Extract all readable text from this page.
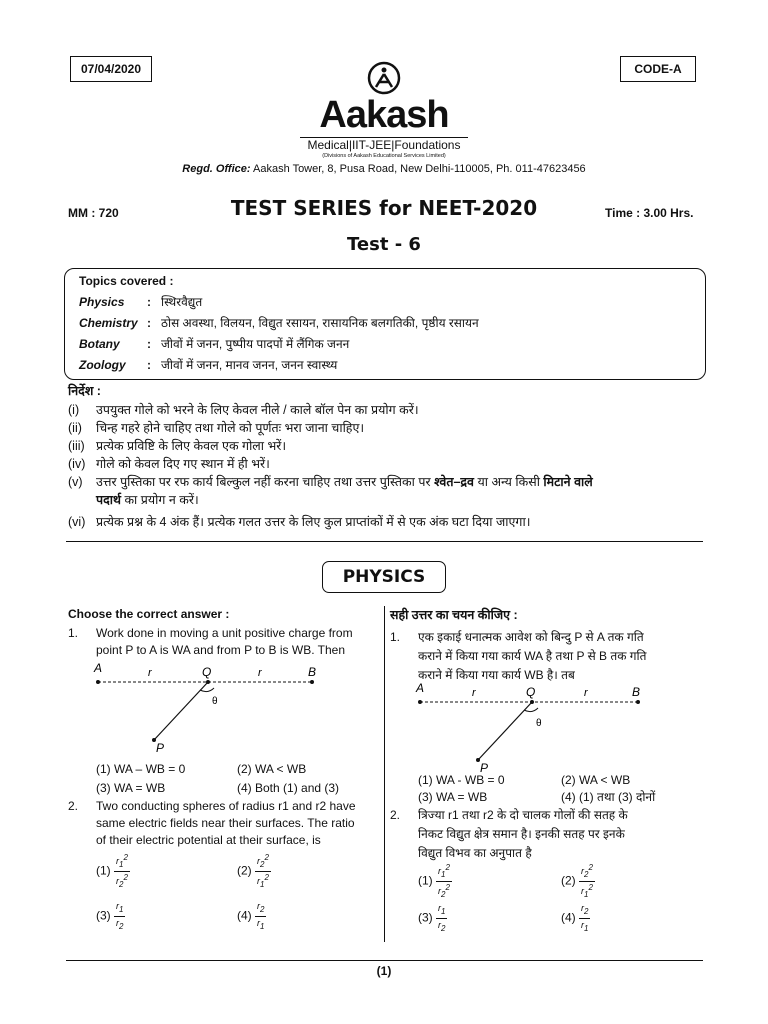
07/04/2020	CODE-A
Aakash
Medical|IIT-JEE|Foundations
(Divisions of Aakash Educational Services Limited)
Regd. Office: Aakash Tower, 8, Pusa Road, New Delhi-110005, Ph. 011-47623456
MM : 720	TEST SERIES for NEET-2020	Time : 3.00 Hrs.
Test - 6
Topics covered :
Physics	:	स्थिरवैद्युत
Chemistry	:	ठोस अवस्था, विलयन, विद्युत रसायन, रासायनिक बलगतिकी, पृष्ठीय रसायन
Botany	:	जीवों में जनन, पुष्पीय पादपों में लैंगिक जनन
Zoology	:	जीवों में जनन, मानव जनन, जनन स्वास्थ्य
निर्देश :
(i) उपयुक्त गोले को भरने के लिए केवल नीले / काले बॉल पेन का प्रयोग करें।
(ii) चिन्ह गहरे होने चाहिए तथा गोले को पूर्णतः भरा जाना चाहिए।
(iii) प्रत्येक प्रविष्टि के लिए केवल एक गोला भरें।
(iv) गोले को केवल दिए गए स्थान में ही भरें।
(v) उत्तर पुस्तिका पर रफ कार्य बिल्कुल नहीं करना चाहिए तथा उत्तर पुस्तिका पर श्वेत–द्रव या अन्य किसी मिटाने वाले
पदार्थ का प्रयोग न करें।
(vi) प्रत्येक प्रश्न के 4 अंक हैं। प्रत्येक गलत उत्तर के लिए कुल प्राप्तांकों में से एक अंक घटा दिया जाएगा।
PHYSICS
Choose the correct answer :
1. Work done in moving a unit positive charge from
point P to A is WA and from P to B is WB. Then
A	Q	B
r	r
θ
P
(1) WA – WB = 0	(2) WA < WB
(3) WA = WB	(4) Both (1) and (3)
2. Two conducting spheres of radius r1 and r2 have
same electric fields near their surfaces. The ratio
of their electric potential at their surface, is
$(1) \frac{r_1^2}{r_2^2}$	$(2) \frac{r_2^2}{r_1^2}$
$(3) \frac{r_1}{r_2}$	$(4) \frac{r_2}{r_1}$
सही उत्तर का चयन कीजिए :
1. एक इकाई धनात्मक आवेश को बिन्दु P से A तक गति
कराने में किया गया कार्य WA है तथा P से B तक गति
कराने में किया गया कार्य WB है। तब
A	Q	B
r	r
θ
P
(1) WA - WB = 0	(2) WA < WB
(3) WA = WB	(4) (1) तथा (3) दोनों
2. त्रिज्या r1 तथा r2 के दो चालक गोलों की सतह के
निकट विद्युत क्षेत्र समान है। इनकी सतह पर इनके
विद्युत विभव का अनुपात है
$(1) \frac{r_1^2}{r_2^2}$	$(2) \frac{r_2^2}{r_1^2}$
$(3) \frac{r_1}{r_2}$	$(4) \frac{r_2}{r_1}$
(1)
